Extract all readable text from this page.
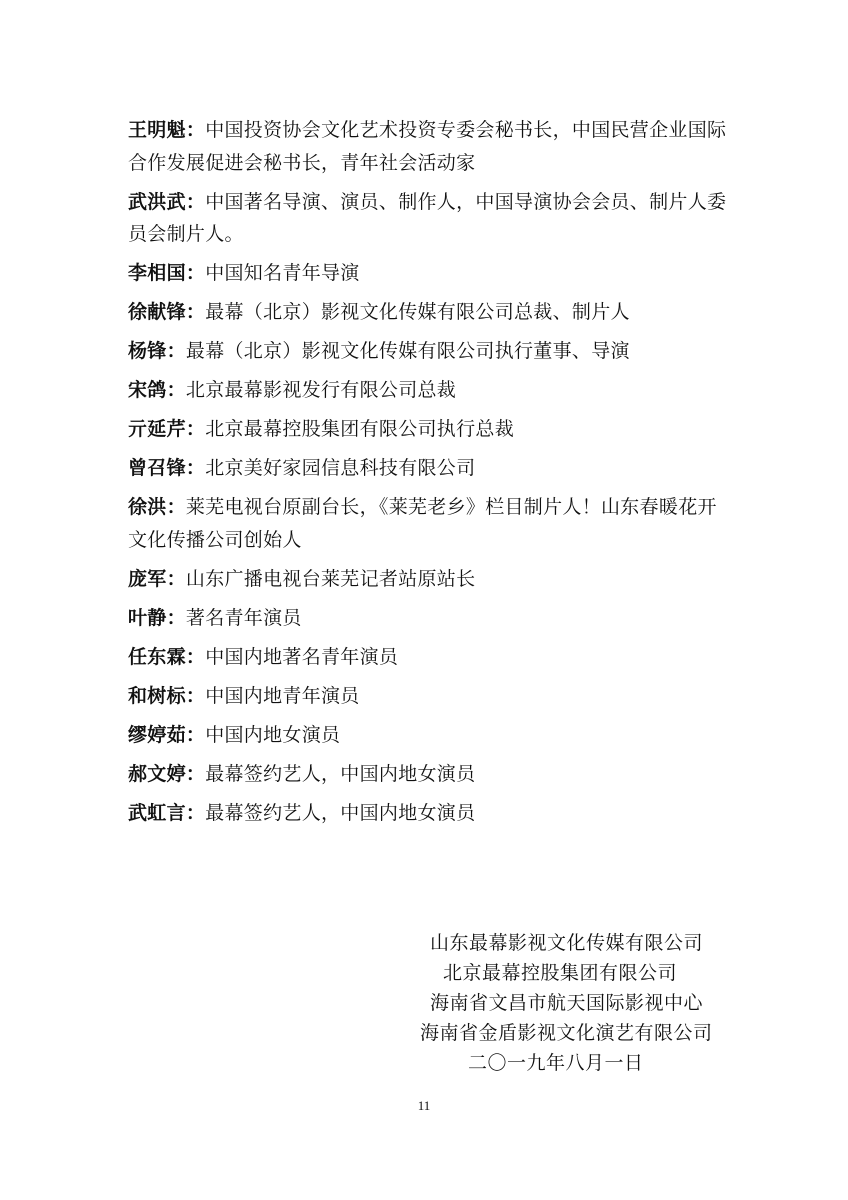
王明魁：中国投资协会文化艺术投资专委会秘书长，中国民营企业国际合作发展促进会秘书长，青年社会活动家

武洪武：中国著名导演、演员、制作人，中国导演协会会员、制片人委员会制片人。

李相国：中国知名青年导演

徐献锋：最幕（北京）影视文化传媒有限公司总裁、制片人

杨锋：最幕（北京）影视文化传媒有限公司执行董事、导演

宋鸽：北京最幕影视发行有限公司总裁

亓延芹：北京最幕控股集团有限公司执行总裁

曾召锋：北京美好家园信息科技有限公司

徐洪：莱芜电视台原副台长，《莱芜老乡》栏目制片人！山东春暖花开文化传播公司创始人

庞军：山东广播电视台莱芜记者站原站长

叶静：著名青年演员

任东霖：中国内地著名青年演员

和树标：中国内地青年演员

缪婷茹：中国内地女演员

郝文婷：最幕签约艺人，中国内地女演员

武虹言：最幕签约艺人，中国内地女演员

山东最幕影视文化传媒有限公司
北京最幕控股集团有限公司
海南省文昌市航天国际影视中心
海南省金盾影视文化演艺有限公司
二〇一九年八月一日
11
